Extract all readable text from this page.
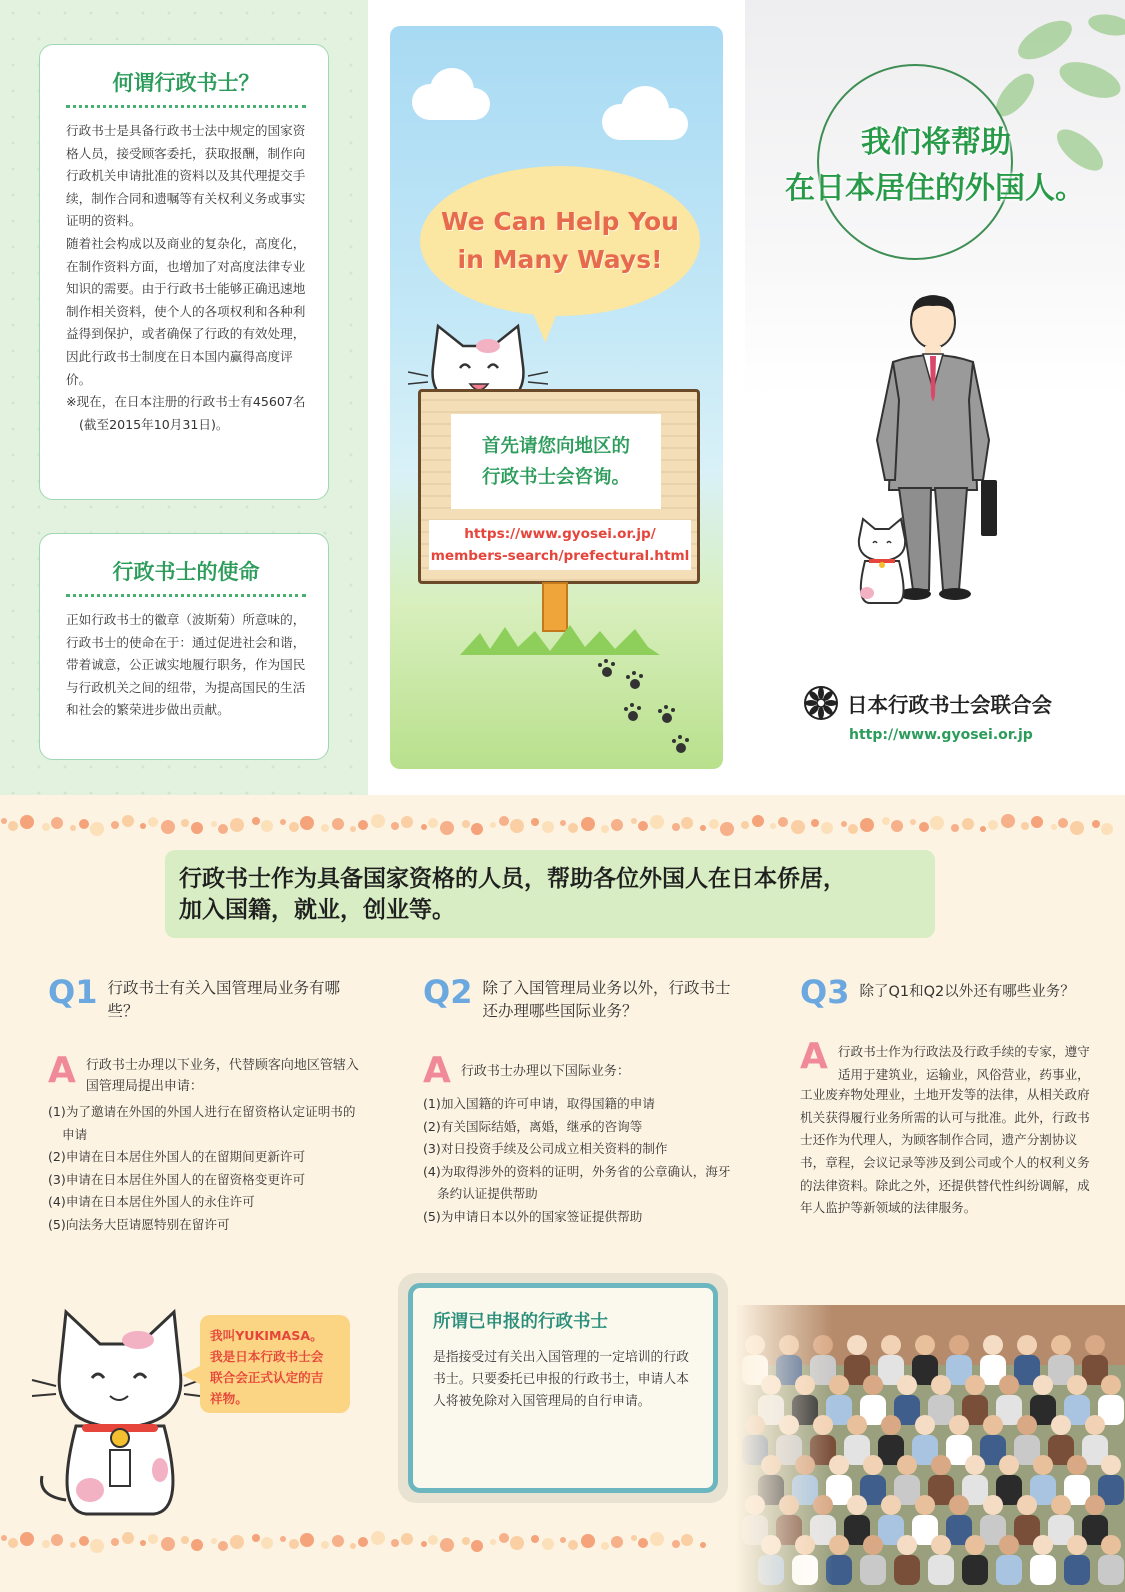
何谓行政书士？

行政书士是具备行政书士法中规定的国家资格人员，接受顾客委托，获取报酬，制作向行政机关申请批准的资料以及其代理提交手续，制作合同和遗嘱等有关权利义务或事实证明的资料。

随着社会构成以及商业的复杂化，高度化，在制作资料方面，也增加了对高度法律专业知识的需要。由于行政书士能够正确迅速地制作相关资料，使个人的各项权利和各种利益得到保护，或者确保了行政的有效处理，因此行政书士制度在日本国内赢得高度评价。

※现在，在日本注册的行政书士有45607名
(截至2015年10月31日)。

行政书士的使命

正如行政书士的徽章（波斯菊）所意味的，行政书士的使命在于：通过促进社会和谐，带着诚意，公正诚实地履行职务，作为国民与行政机关之间的纽带，为提高国民的生活和社会的繁荣进步做出贡献。

We Can Help You
in Many Ways!
首先请您向地区的
行政书士会咨询。
https://www.gyosei.or.jp/
members-search/prefectural.html
我们将帮助
在日本居住的外国人。
日本行政书士会联合会
http://www.gyosei.or.jp
行政书士作为具备国家资格的人员，帮助各位外国人在日本侨居，
加入国籍，就业，创业等。
Q1 行政书士有关入国管理局业务有哪些？
A 行政书士办理以下业务，代替顾客向地区管辖入国管理局提出申请：
(1)为了邀请在外国的外国人进行在留资格认定证明书的申请
(2)申请在日本居住外国人的在留期间更新许可
(3)申请在日本居住外国人的在留资格变更许可
(4)申请在日本居住外国人的永住许可
(5)向法务大臣请愿特别在留许可
Q2 除了入国管理局业务以外，行政书士还办理哪些国际业务？
A 行政书士办理以下国际业务：
(1)加入国籍的许可申请，取得国籍的申请
(2)有关国际结婚，离婚，继承的咨询等
(3)对日投资手续及公司成立相关资料的制作
(4)为取得涉外的资料的证明，外务省的公章确认，海牙条约认证提供帮助
(5)为申请日本以外的国家签证提供帮助
Q3 除了Q1和Q2以外还有哪些业务？
A 行政书士作为行政法及行政手续的专家，遵守适用于建筑业，运输业，风俗营业，药事业，
工业废弃物处理业，土地开发等的法律，从相关政府机关获得履行业务所需的认可与批准。此外，行政书士还作为代理人，为顾客制作合同，遗产分割协议书，章程，会议记录等涉及到公司或个人的权利义务的法律资料。除此之外，还提供替代性纠纷调解，成年人监护等新领域的法律服务。
我叫YUKIMASA。
我是日本行政书士会
联合会正式认定的吉
祥物。
所谓已申报的行政书士
是指接受过有关出入国管理的一定培训的行政书士。只要委托已申报的行政书士，申请人本人将被免除对入国管理局的自行申请。
